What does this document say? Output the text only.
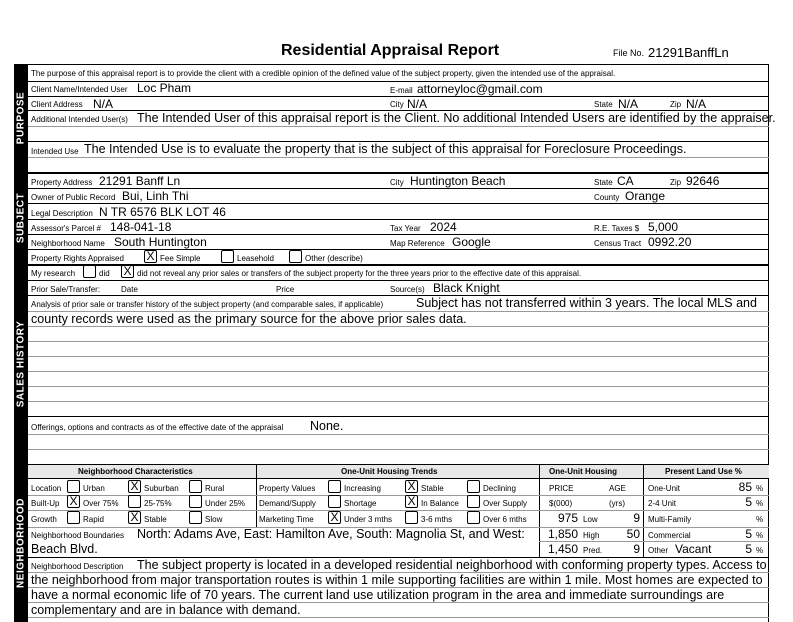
Residential Appraisal Report	File No. 21291BanffLn
PURPOSE
SUBJECT
SALES HISTORY
NEIGHBORHOOD
The purpose of this appraisal report is to provide the client with a credible opinion of the defined value of the subject property, given the intended use of the appraisal.
Client Name/Intended User Loc Pham	E-mail attorneyloc@gmail.com
Client Address N/A	City N/A	State N/A	Zip N/A
Additional Intended User(s) The Intended User of this appraisal report is the Client. No additional Intended Users are identified by the appraiser.
Intended Use The Intended Use is to evaluate the property that is the subject of this appraisal for Foreclosure Proceedings.
Property Address 21291 Banff Ln	City Huntington Beach	State CA	Zip 92646
Owner of Public Record Bui, Linh Thi	County Orange
Legal Description N TR 6576 BLK LOT 46
Assessor's Parcel # 148-041-18	Tax Year 2024	R.E. Taxes $ 5,000
Neighborhood Name South Huntington	Map Reference Google	Census Tract 0992.20
Property Rights Appraised X Fee Simple	Leasehold	Other (describe)
My research	did X did not reveal any prior sales or transfers of the subject property for the three years prior to the effective date of this appraisal.
Prior Sale/Transfer:	Date	Price	Source(s) Black Knight
Analysis of prior sale or transfer history of the subject property (and comparable sales, if applicable)	Subject has not transferred within 3 years. The local MLS and
county records were used as the primary source for the above prior sales data.
Offerings, options and contracts as of the effective date of the appraisal None.
Neighborhood Characteristics	One-Unit Housing Trends	One-Unit Housing	Present Land Use %
Location	Urban X Suburban	Rural	Property Values	Increasing X Stable	Declining	PRICE	AGE	One-Unit	85 %
Built-Up X Over 75%	25-75%	Under 25% Demand/Supply	Shortage	X In Balance	Over Supply	$(000)	(yrs)	2-4 Unit	5 %
Growth	Rapid X Stable	Slow	Marketing Time X Under 3 mths	3-6 mths	Over 6 mths	975 Low	9 Multi-Family	%
Neighborhood Boundaries North: Adams Ave, East: Hamilton Ave, South: Magnolia St, and West:
Beach Blvd.
1,850 High	50 Commercial	5 %
1,450 Pred.	9 Other Vacant	5 %
Neighborhood Description The subject property is located in a developed residential neighborhood with conforming property types. Access to
the neighborhood from major transportation routes is within 1 mile supporting facilities are within 1 mile. Most homes are expected to
have a normal economic life of 70 years. The current land use utilization program in the area and immediate surroundings are
complementary and are in balance with demand.
